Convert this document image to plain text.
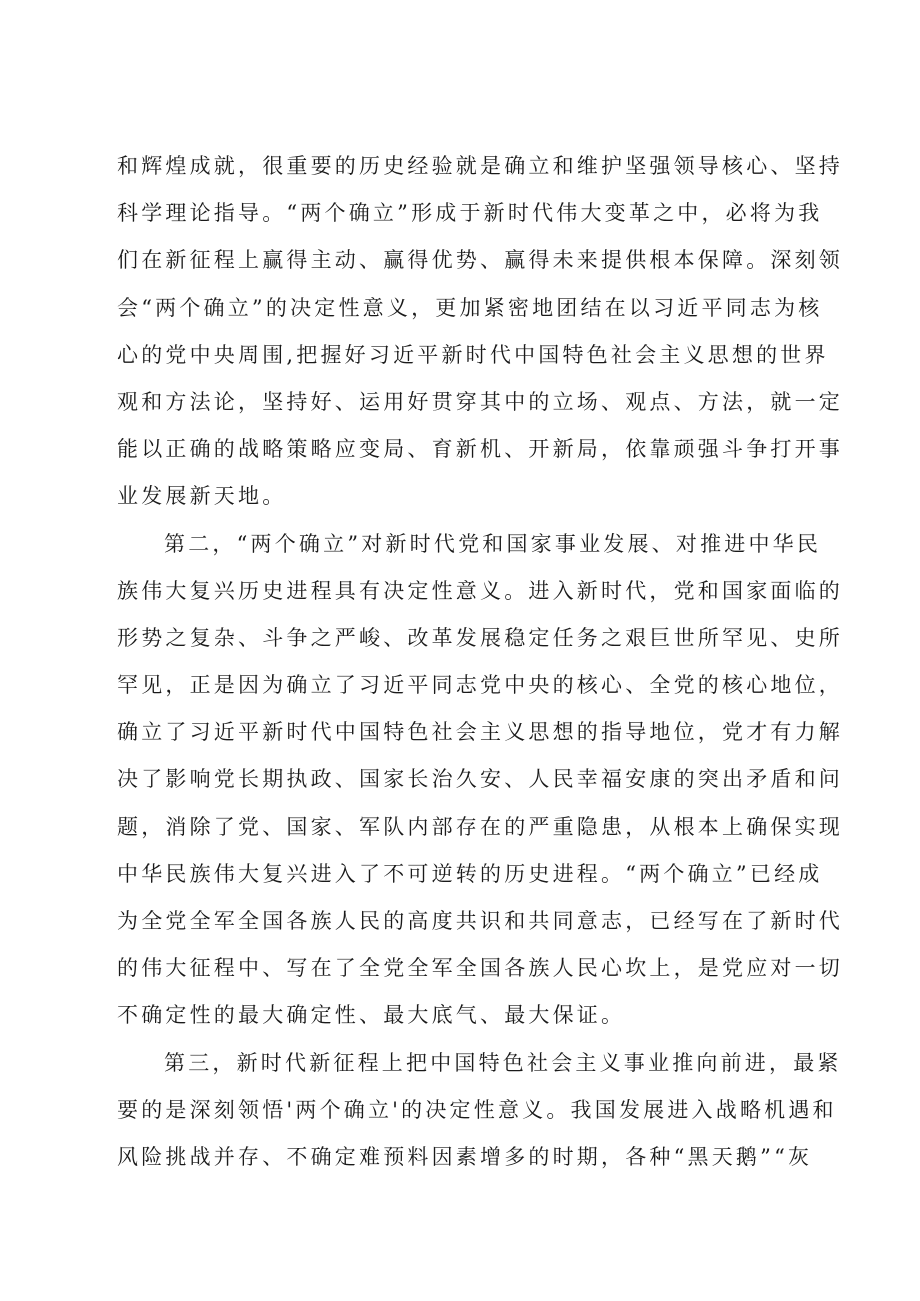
和辉煌成就，很重要的历史经验就是确立和维护坚强领导核心、坚持
科学理论指导。“两个确立”形成于新时代伟大变革之中，必将为我
们在新征程上赢得主动、赢得优势、赢得未来提供根本保障。深刻领
会“两个确立”的决定性意义，更加紧密地团结在以习近平同志为核
心的党中央周围,把握好习近平新时代中国特色社会主义思想的世界
观和方法论，坚持好、运用好贯穿其中的立场、观点、方法，就一定
能以正确的战略策略应变局、育新机、开新局，依靠顽强斗争打开事
业发展新天地。
第二，“两个确立”对新时代党和国家事业发展、对推进中华民
族伟大复兴历史进程具有决定性意义。进入新时代，党和国家面临的
形势之复杂、斗争之严峻、改革发展稳定任务之艰巨世所罕见、史所
罕见，正是因为确立了习近平同志党中央的核心、全党的核心地位，
确立了习近平新时代中国特色社会主义思想的指导地位，党才有力解
决了影响党长期执政、国家长治久安、人民幸福安康的突出矛盾和问
题，消除了党、国家、军队内部存在的严重隐患，从根本上确保实现
中华民族伟大复兴进入了不可逆转的历史进程。“两个确立”已经成
为全党全军全国各族人民的高度共识和共同意志，已经写在了新时代
的伟大征程中、写在了全党全军全国各族人民心坎上，是党应对一切
不确定性的最大确定性、最大底气、最大保证。
第三，新时代新征程上把中国特色社会主义事业推向前进，最紧
要的是深刻领悟'两个确立'的决定性意义。我国发展进入战略机遇和
风险挑战并存、不确定难预料因素增多的时期，各种“黑天鹅”“灰
